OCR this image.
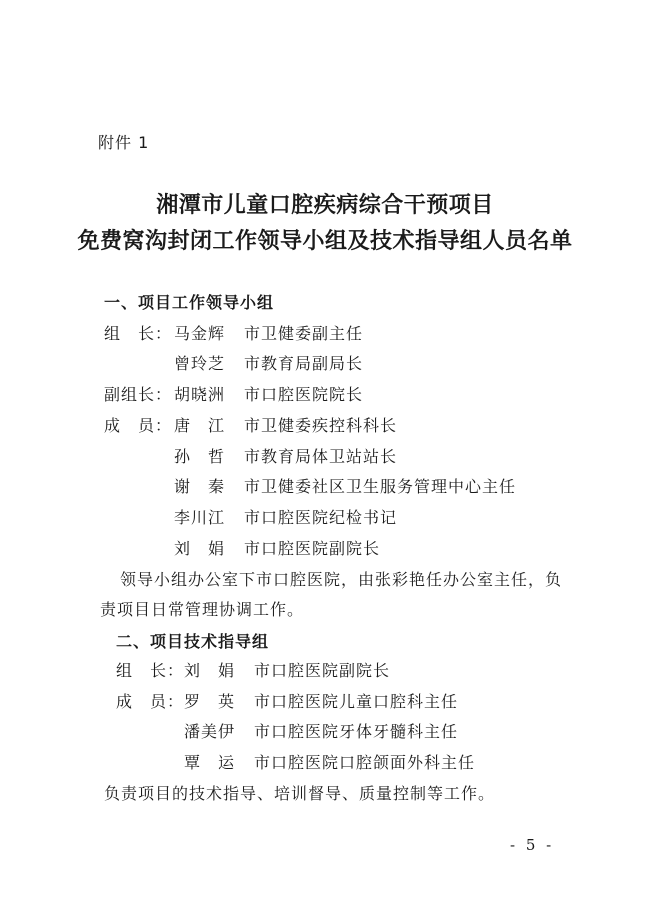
附件 1
湘潭市儿童口腔疾病综合干预项目
免费窝沟封闭工作领导小组及技术指导组人员名单
一、项目工作领导小组
组　长： 马金辉 市卫健委副主任
曾玲芝 市教育局副局长
副组长： 胡晓洲 市口腔医院院长
成　员： 唐　江 市卫健委疾控科科长
孙　哲 市教育局体卫站站长
谢　秦 市卫健委社区卫生服务管理中心主任
李川江 市口腔医院纪检书记
刘　娟 市口腔医院副院长
领导小组办公室下市口腔医院，由张彩艳任办公室主任，负
责项目日常管理协调工作。
二、项目技术指导组
组　长： 刘　娟 市口腔医院副院长
成　员： 罗　英 市口腔医院儿童口腔科主任
潘美伊 市口腔医院牙体牙髓科主任
覃　运 市口腔医院口腔颌面外科主任
负责项目的技术指导、培训督导、质量控制等工作。
- 5 -
